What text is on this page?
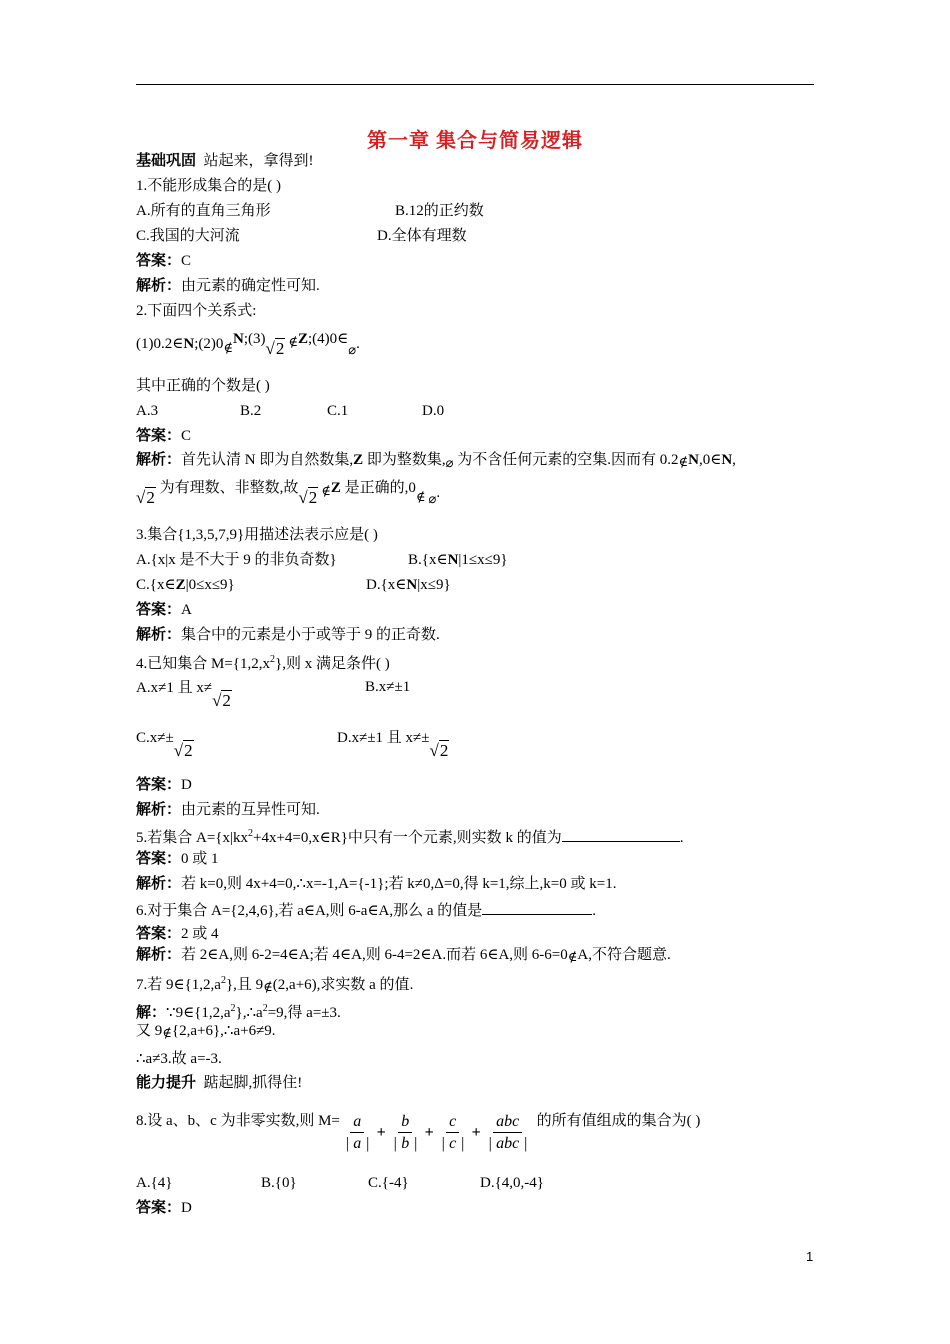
第一章 集合与简易逻辑
基础巩固 站起来，拿得到!
1.不能形成集合的是( )
A.所有的直角三角形	B.12的正约数
C.我国的大河流	D.全体有理数
答案：C
解析：由元素的确定性可知.
2.下面四个关系式:
(1)0.2∈N;(2)0∉N;(3)√2 ∉Z;(4)0∈⌀.
其中正确的个数是( )
A.3	B.2	C.1	D.0
答案：C
解析：首先认清 N 即为自然数集,Z 即为整数集,⌀ 为不含任何元素的空集.因而有 0.2∉N,0∈N,
√2 为有理数、非整数,故√2 ∉Z 是正确的,0∉ ⌀.
3.集合{1,3,5,7,9}用描述法表示应是( )
A.{x|x 是不大于 9 的非负奇数}	B.{x∈N|1≤x≤9}
C.{x∈Z|0≤x≤9}	D.{x∈N|x≤9}
答案：A
解析：集合中的元素是小于或等于 9 的正奇数.
4.已知集合 $M=\{1,2,x^2\}$,则 x 满足条件( )
A.x≠1 且 x≠√2
B.x≠±1
C.x≠±√2
D.x≠±1 且 x≠±√2
答案：D
解析：由元素的互异性可知.
5.若集合 $A=\{x|kx^2+4x+4=0,x\in R\}$中只有一个元素,则实数 k 的值为	.
答案：0 或 1
解析：若 k=0,则 4x+4=0,∴x=-1,A={-1};若 k≠0,Δ=0,得 k=1,综上,k=0 或 k=1.
6.对于集合 A={2,4,6},若 a∈A,则 6-a∈A,那么 a 的值是	.
答案：2 或 4
解析：若 2∈A,则 6-2=4∈A;若 4∈A,则 6-4=2∈A.而若 6∈A,则 6-6=0∉A,不符合题意.
7.若 $9\in\{1,2,a^2\}$,且 9∉(2,a+6),求实数 a 的值.
解：$\because 9\in\{1,2,a^2\},\therefore a^2=9$,得 a=±3.
又 9∉{2,a+6},∴a+6≠9.
∴a≠3.故 a=-3.
能力提升 踮起脚,抓得住!
8.设 a、b、c 为非零实数,则 $M= \frac{a}{| a |} + \frac{b}{| b |} + \frac{c}{| c |} + \frac{\text{abc}}{\text{| abc |}}$ 的所有值组成的集合为( )
A.{4}	B.{0}	C.{-4}	D.{4,0,-4}
答案：D
1
